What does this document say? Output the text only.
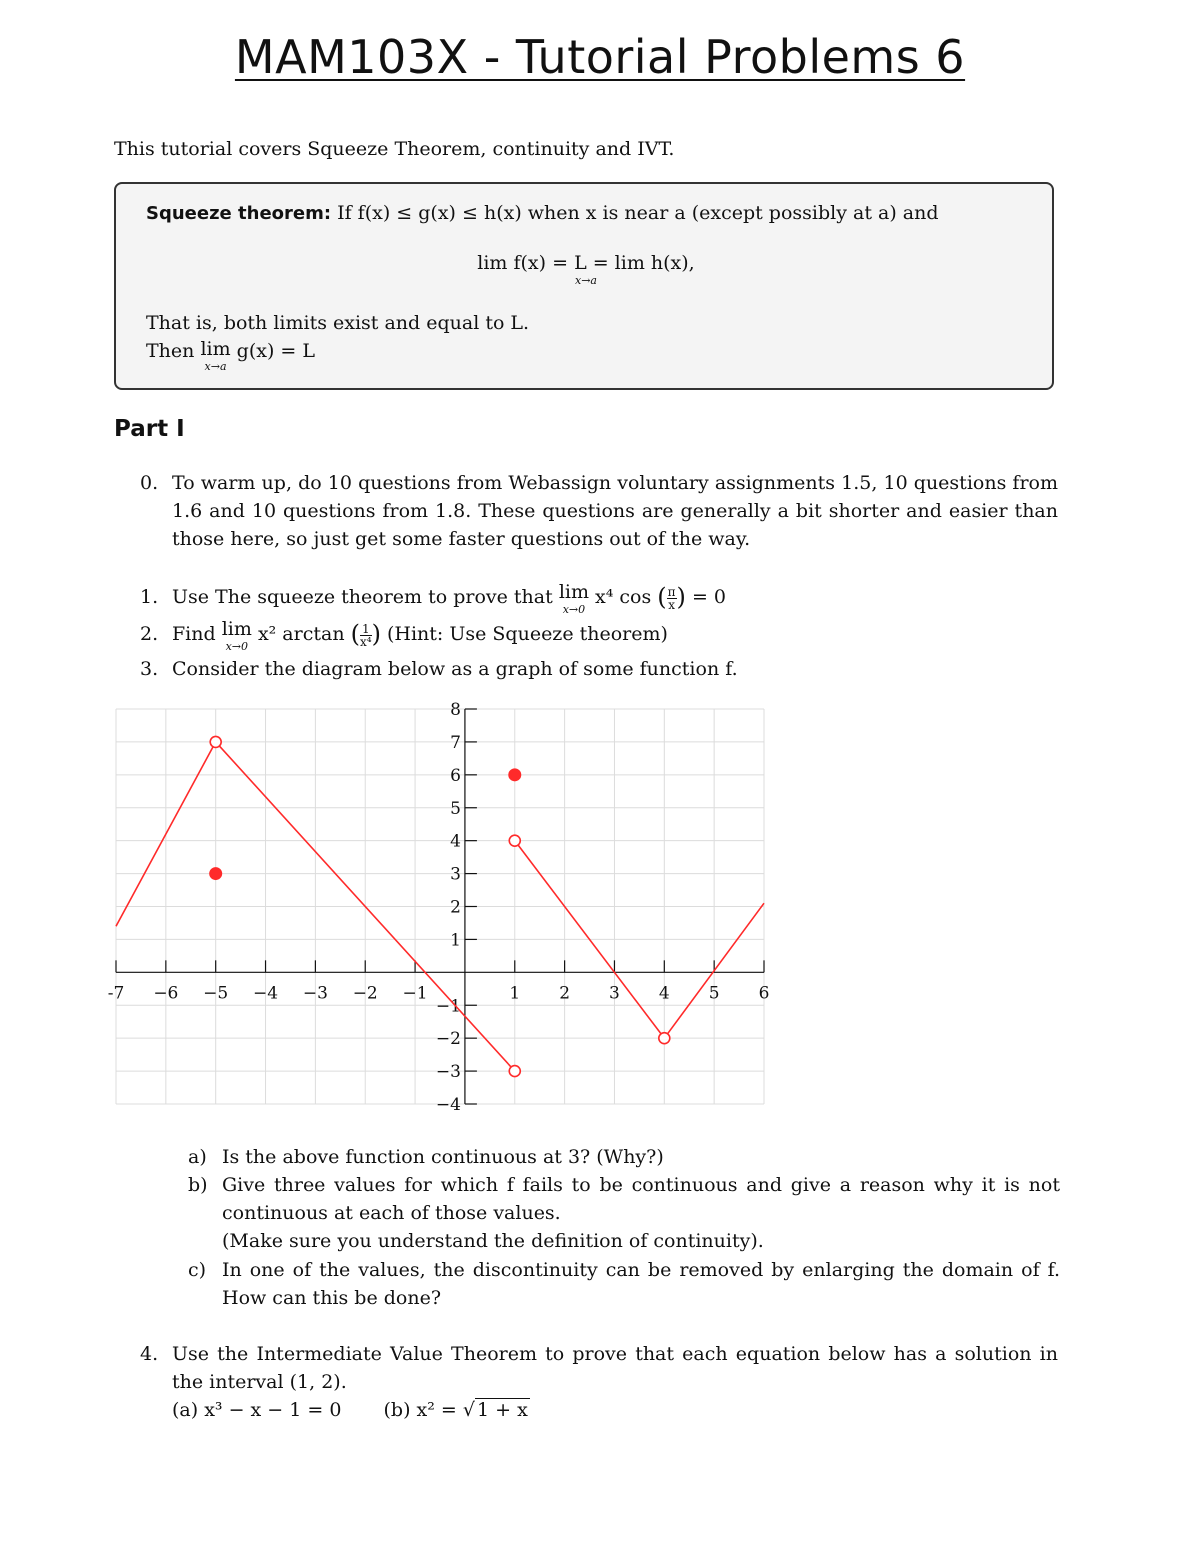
MAM103X - Tutorial Problems 6
This tutorial covers Squeeze Theorem, continuity and IVT.
Squeeze theorem: If f(x) ≤ g(x) ≤ h(x) when x is near a (except possibly at a) and
lim f(x) = L = lim h(x),
x→a
That is, both limits exist and equal to L.
Then lim
x→a
g(x) = L
Part I
0. To warm up, do 10 questions from Webassign voluntary assignments 1.5, 10 questions from 1.6 and 10 questions from 1.8. These questions are generally a bit shorter and easier than those here, so just get some faster questions out of the way.
1. Use The squeeze theorem to prove that lim
x→0
x⁴ cos ( $\frac{\pi}{x}$ ) = 0
2. Find lim
x→0
x² arctan ( $\frac{1}{\text{x⁴}}$ ) (Hint: Use Squeeze theorem)
3. Consider the diagram below as a graph of some function f.
-7 −6 −5 −4 −3 −2 −1	1 2 3 4 5 6
8
7
6
5
4
3
2
1
−1
−2
−3
−4
a) Is the above function continuous at 3? (Why?)
b) Give three values for which f fails to be continuous and give a reason why it is not continuous at each of those values.
(Make sure you understand the definition of continuity).
c) In one of the values, the discontinuity can be removed by enlarging the domain of f. How can this be done?
4. Use the Intermediate Value Theorem to prove that each equation below has a solution in the interval (1, 2).
(a) x³ − x − 1 = 0 (b) x² = √ 1 + x
